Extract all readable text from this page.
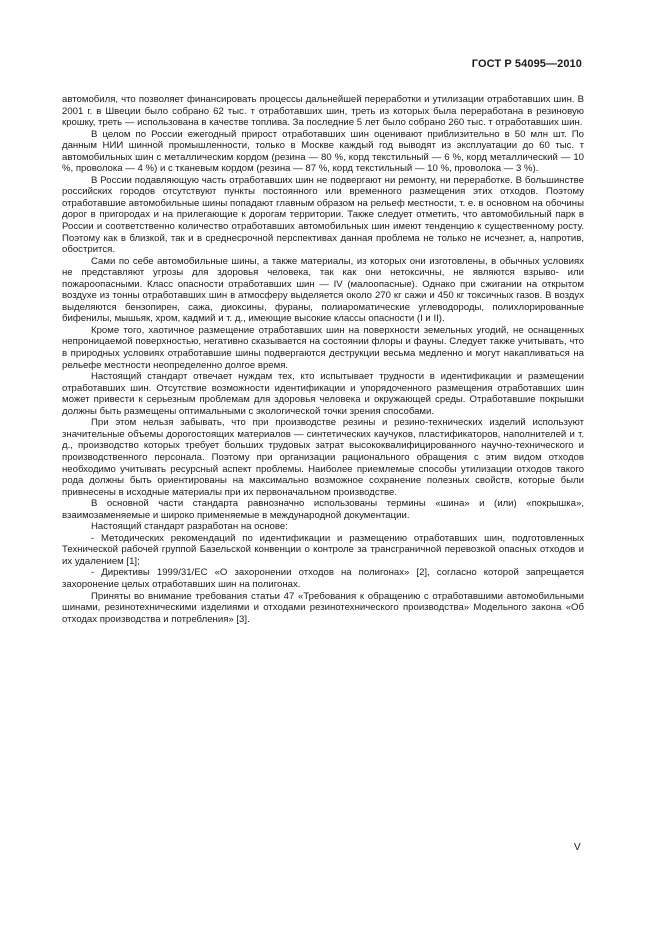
ГОСТ Р 54095—2010

автомобиля, что позволяет финансировать процессы дальнейшей переработки и утилизации отработавших шин. В 2001 г. в Швеции было собрано 62 тыс. т отработавших шин, треть из которых была переработана в резиновую крошку, треть — использована в качестве топлива. За последние 5 лет было собрано 260 тыс. т отработавших шин.

В целом по России ежегодный прирост отработавших шин оценивают приблизительно в 50 млн шт. По данным НИИ шинной промышленности, только в Москве каждый год выводят из эксплуатации до 60 тыс. т автомобильных шин с металлическим кордом (резина — 80 %, корд текстильный — 6 %, корд металлический — 10 %, проволока — 4 %) и с тканевым кордом (резина — 87 %, корд текстильный — 10 %, проволока — 3 %).

В России подавляющую часть отработавших шин не подвергают ни ремонту, ни переработке. В большинстве российских городов отсутствуют пункты постоянного или временного размещения этих отходов. Поэтому отработавшие автомобильные шины попадают главным образом на рельеф местности, т. е. в основном на обочины дорог в пригородах и на прилегающие к дорогам территории. Также следует отметить, что автомобильный парк в России и соответственно количество отработавших автомобильных шин имеют тенденцию к существенному росту. Поэтому как в близкой, так и в среднесрочной перспективах данная проблема не только не исчезнет, а, напротив, обострится.

Сами по себе автомобильные шины, а также материалы, из которых они изготовлены, в обычных условиях не представляют угрозы для здоровья человека, так как они нетоксичны, не являются взрыво- или пожароопасными. Класс опасности отработавших шин — IV (малоопасные). Однако при сжигании на открытом воздухе из тонны отработавших шин в атмосферу выделяется около 270 кг сажи и 450 кг токсичных газов. В воздух выделяются бензопирен, сажа, диоксины, фураны, полиароматические углеводороды, полихлорированные бифенилы, мышьяк, хром, кадмий и т. д., имеющие высокие классы опасности (I и II).

Кроме того, хаотичное размещение отработавших шин на поверхности земельных угодий, не оснащенных непроницаемой поверхностью, негативно сказывается на состоянии флоры и фауны. Следует также учитывать, что в природных условиях отработавшие шины подвергаются деструкции весьма медленно и могут накапливаться на рельефе местности неопределенно долгое время.

Настоящий стандарт отвечает нуждам тех, кто испытывает трудности в идентификации и размещении отработавших шин. Отсутствие возможности идентификации и упорядоченного размещения отработавших шин может привести к серьезным проблемам для здоровья человека и окружающей среды. Отработавшие покрышки должны быть размещены оптимальными с экологической точки зрения способами.

При этом нельзя забывать, что при производстве резины и резино-технических изделий используют значительные объемы дорогостоящих материалов — синтетических каучуков, пластификаторов, наполнителей и т. д., производство которых требует больших трудовых затрат высококвалифицированного научно-технического и производственного персонала. Поэтому при организации рационального обращения с этим видом отходов необходимо учитывать ресурсный аспект проблемы. Наиболее приемлемые способы утилизации отходов такого рода должны быть ориентированы на максимально возможное сохранение полезных свойств, которые были привнесены в исходные материалы при их первоначальном производстве.

В основной части стандарта равнозначно использованы термины «шина» и (или) «покрышка», взаимозаменяемые и широко применяемые в международной документации.

Настоящий стандарт разработан на основе:

- Методических рекомендаций по идентификации и размещению отработавших шин, подготовленных Технической рабочей группой Базельской конвенции о контроле за трансграничной перевозкой опасных отходов и их удалением [1];

- Директивы 1999/31/ЕС «О захоронении отходов на полигонах» [2], согласно которой запрещается захоронение целых отработавших шин на полигонах.

Приняты во внимание требования статьи 47 «Требования к обращению с отработавшими автомобильными шинами, резинотехническими изделиями и отходами резинотехнического производства» Модельного закона «Об отходах производства и потребления» [3].

V
